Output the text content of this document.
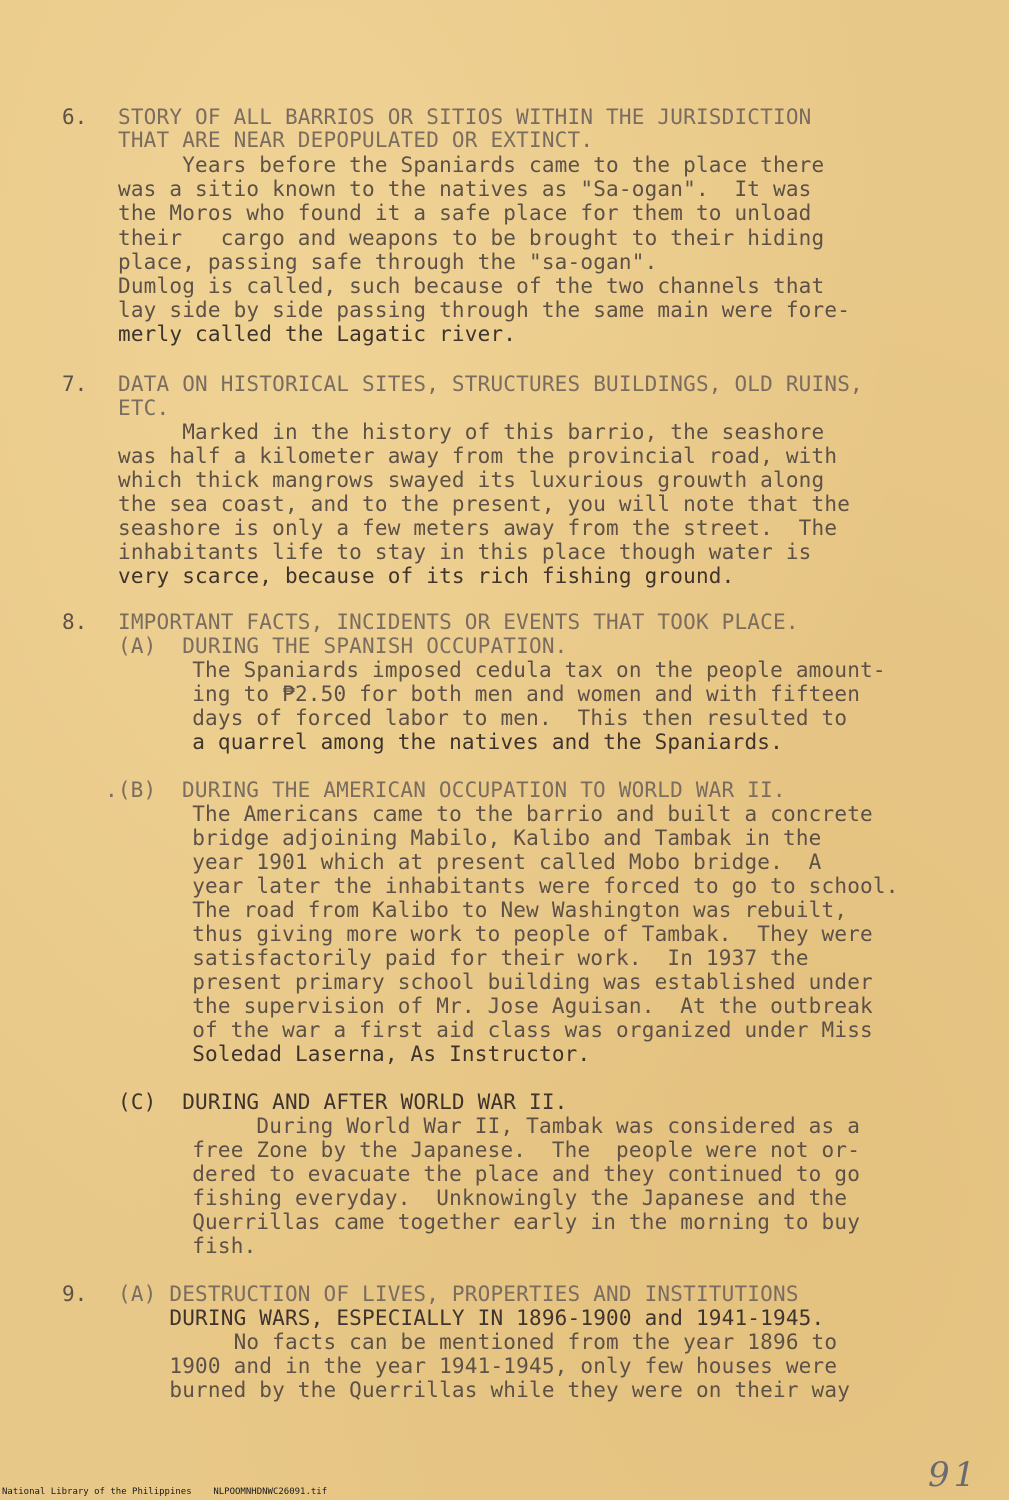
6. STORY OF ALL BARRIOS OR SITIOS WITHIN THE JURISDICTION
THAT ARE NEAR DEPOPULATED OR EXTINCT.
Years before the Spaniards came to the place there
was a sitio known to the natives as "Sa-ogan".  It was
the Moros who found it a safe place for them to unload
their   cargo and weapons to be brought to their hiding
place, passing safe through the "sa-ogan".
Dumlog is called, such because of the two channels that
lay side by side passing through the same main were fore-
merly called the Lagatic river.
7. DATA ON HISTORICAL SITES, STRUCTURES BUILDINGS, OLD RUINS,
ETC.
Marked in the history of this barrio, the seashore
was half a kilometer away from the provincial road, with
which thick mangrows swayed its luxurious grouwth along
the sea coast, and to the present, you will note that the
seashore is only a few meters away from the street.  The
inhabitants life to stay in this place though water is
very scarce, because of its rich fishing ground.
8. IMPORTANT FACTS, INCIDENTS OR EVENTS THAT TOOK PLACE.
(A)  DURING THE SPANISH OCCUPATION.
The Spaniards imposed cedula tax on the people amount-
ing to ₱2.50 for both men and women and with fifteen
days of forced labor to men.  This then resulted to
a quarrel among the natives and the Spaniards.
.(B)  DURING THE AMERICAN OCCUPATION TO WORLD WAR II.
The Americans came to the barrio and built a concrete
bridge adjoining Mabilo, Kalibo and Tambak in the
year 1901 which at present called Mobo bridge.  A
year later the inhabitants were forced to go to school.
The road from Kalibo to New Washington was rebuilt,
thus giving more work to people of Tambak.  They were
satisfactorily paid for their work.  In 1937 the
present primary school building was established under
the supervision of Mr. Jose Aguisan.  At the outbreak
of the war a first aid class was organized under Miss
Soledad Laserna, As Instructor.
(C)  DURING AND AFTER WORLD WAR II.
During World War II, Tambak was considered as a
free Zone by the Japanese.  The  people were not or-
dered to evacuate the place and they continued to go
fishing everyday.  Unknowingly the Japanese and the
Querrillas came together early in the morning to buy
fish.
9. (A) DESTRUCTION OF LIVES, PROPERTIES AND INSTITUTIONS
DURING WARS, ESPECIALLY IN 1896-1900 and 1941-1945.
No facts can be mentioned from the year 1896 to
1900 and in the year 1941-1945, only few houses were
burned by the Querrillas while they were on their way
91
National Library of the Philippines NLPOOMNHDNWC26091.tif
